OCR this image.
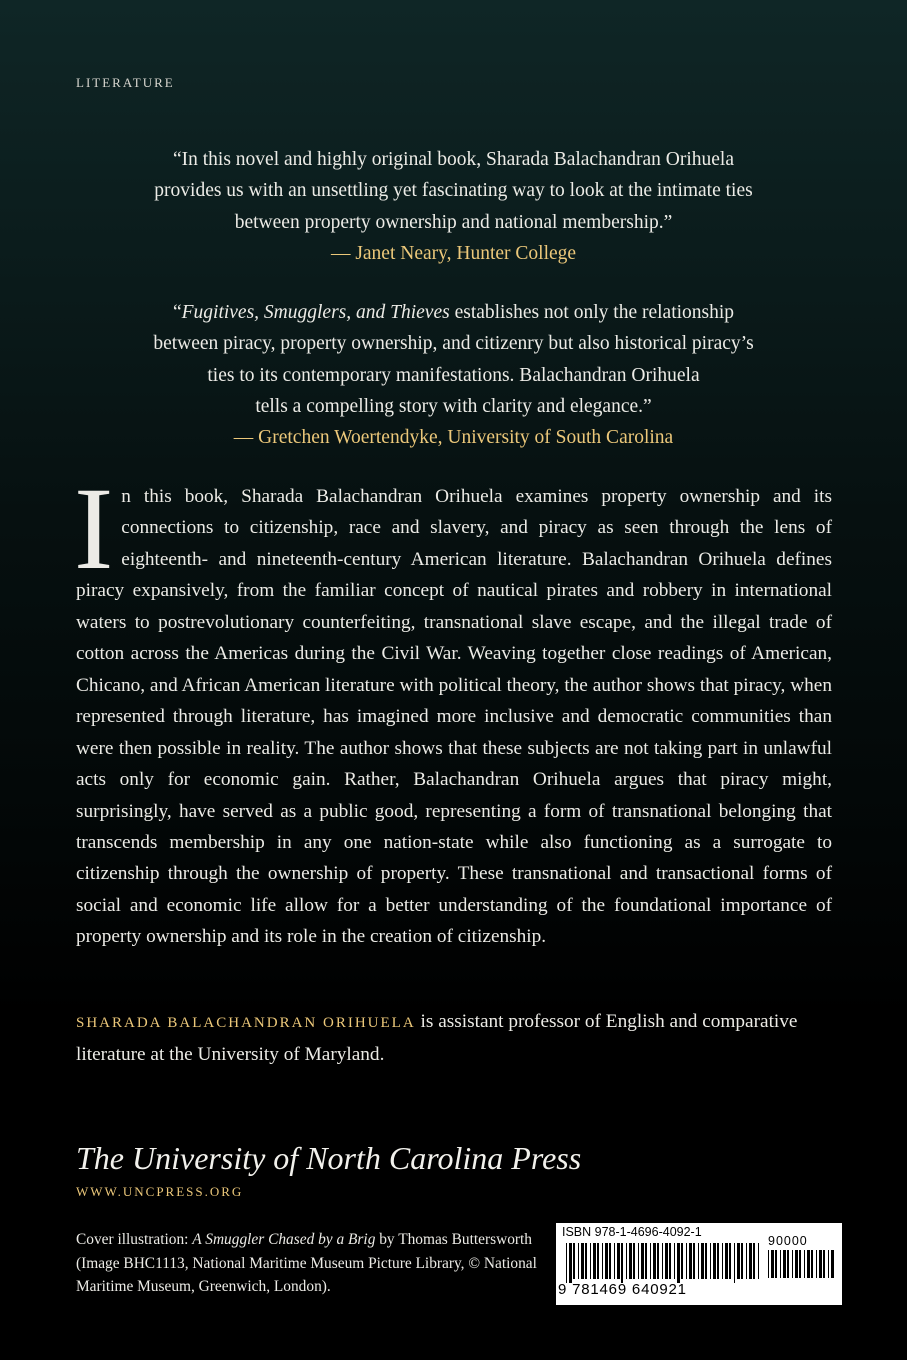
LITERATURE
“In this novel and highly original book, Sharada Balachandran Orihuela
provides us with an unsettling yet fascinating way to look at the intimate ties
between property ownership and national membership.”
— Janet Neary, Hunter College
“Fugitives, Smugglers, and Thieves establishes not only the relationship
between piracy, property ownership, and citizenry but also historical piracy’s
ties to its contemporary manifestations. Balachandran Orihuela
tells a compelling story with clarity and elegance.”
— Gretchen Woertendyke, University of South Carolina
In this book, Sharada Balachandran Orihuela examines property ownership and its connections to citizenship, race and slavery, and piracy as seen through the lens of eighteenth- and nineteenth-century American literature. Balachandran Orihuela defines piracy expansively, from the familiar concept of nautical pirates and robbery in international waters to postrevolutionary counterfeiting, transnational slave escape, and the illegal trade of cotton across the Americas during the Civil War. Weaving together close readings of American, Chicano, and African American literature with political theory, the author shows that piracy, when represented through literature, has imagined more inclusive and democratic communities than were then possible in reality. The author shows that these subjects are not taking part in unlawful acts only for economic gain. Rather, Balachandran Orihuela argues that piracy might, surprisingly, have served as a public good, representing a form of transnational belonging that transcends membership in any one nation-state while also functioning as a surrogate to citizenship through the ownership of property. These transnational and transactional forms of social and economic life allow for a better understanding of the foundational importance of property ownership and its role in the creation of citizenship.
SHARADA BALACHANDRAN ORIHUELA is assistant professor of English and comparative literature at the University of Maryland.
The University of North Carolina Press
WWW.UNCPRESS.ORG
Cover illustration: A Smuggler Chased by a Brig by Thomas Buttersworth (Image BHC1113, National Maritime Museum Picture Library, © National Maritime Museum, Greenwich, London).
ISBN 978-1-4696-4092-1
90000
9 781469 640921
